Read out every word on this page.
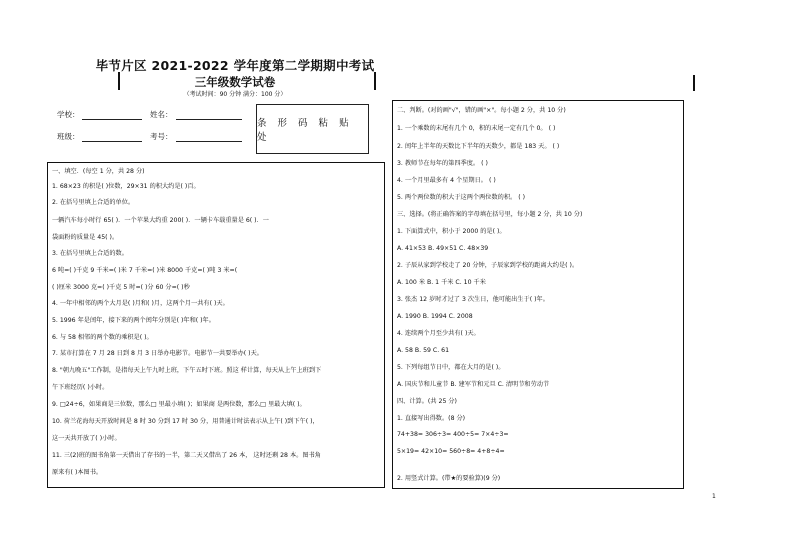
毕节片区 2021-2022 学年度第二学期期中考试
三年级数学试卷
（考试时间：90 分钟 满分：100 分）
学校：	姓名：
班级：	考号：
条 形 码 粘 贴 处
一、填空．(每空 1 分，共 28 分)
1. 68×23 的积是( )位数，29×31 的积大约是( )百。
2. 在括号里填上合适的单位。
一辆汽车每小时行 65( )．一个苹果大约重 200( )．一辆卡车载重量是 6( )．一
袋面粉的质量是 45( )。
3. 在括号里填上合适的数。
6 吨=( )千克 9 千米=( )米 7 千米=( )米 8000 千克=( )吨 3 米=(
( )厘米 3000 克=( )千克 5 时=( )分 60 分=( )秒
4. 一年中相邻的两个大月是( )月和( )月，这两个月一共有( )天。
5. 1996 年是闰年，接下来的两个闰年分别是( )年和( )年。
6. 与 58 相邻的两个数的乘积是( )。
7. 某市打算在 7 月 28 日到 8 月 3 日举办电影节。电影节一共要举办( )天。
8. "朝九晚五"工作制，是指每天上午九时上班，下午五时下班。照这 样计算，每天从上午上班到下
午下班经历( )小时。
9. □24÷6，如果商是三位数，那么□ 里最小填( )；如果商 是两位数，那么□ 里最大填( )。
10. 荷兰花海每天开放时间是 8 时 30 分到 17 时 30 分，用普通计时法表示从上午( )到下午( )，
这一天共开放了( )小时。
11. 三(2)班的图书角第一天借出了存书的一半，第二天又借出了 26 本， 这时还剩 28 本。图书角
原来有( )本图书。
二、判断。(对的画"√"，错的画"×"。每小题 2 分，共 10 分)
1. 一个乘数的末尾有几个 0，积的末尾一定有几个 0。 ( )
2. 闰年上半年的天数比下半年的天数少，都是 183 天。 ( )
3. 教师节在每年的第四季度。 ( )
4. 一个月里最多有 4 个星期日。 ( )
5. 两个两位数的积大于这两个两位数的积。 ( )
三、选择。(将正确答案的字母填在括号里，每小题 2 分，共 10 分)
1. 下面算式中，积小于 2000 的是( )。
A. 41×53 B. 49×51 C. 48×39
2. 子辰从家到学校走了 20 分钟，子辰家到学校的距离大约是( )。
A. 100 米 B. 1 千米 C. 10 千米
3. 张杰 12 岁时才过了 3 次生日，他可能出生于( )年。
A. 1990 B. 1994 C. 2008
4. 连续两个月至少共有( )天。
A. 58 B. 59 C. 61
5. 下列每组节日中，都在大月的是( )。
A. 国庆节和儿童节 B. 建军节和元旦 C. 清明节和劳动节
四、计算。(共 25 分)
1. 直接写出得数。(8 分)
74+38= 306÷3= 400÷5= 7×4÷3=
5×19= 42×10= 560÷8= 4+8÷4=
2. 用竖式计算。(带★的要验算)(9 分)
1
